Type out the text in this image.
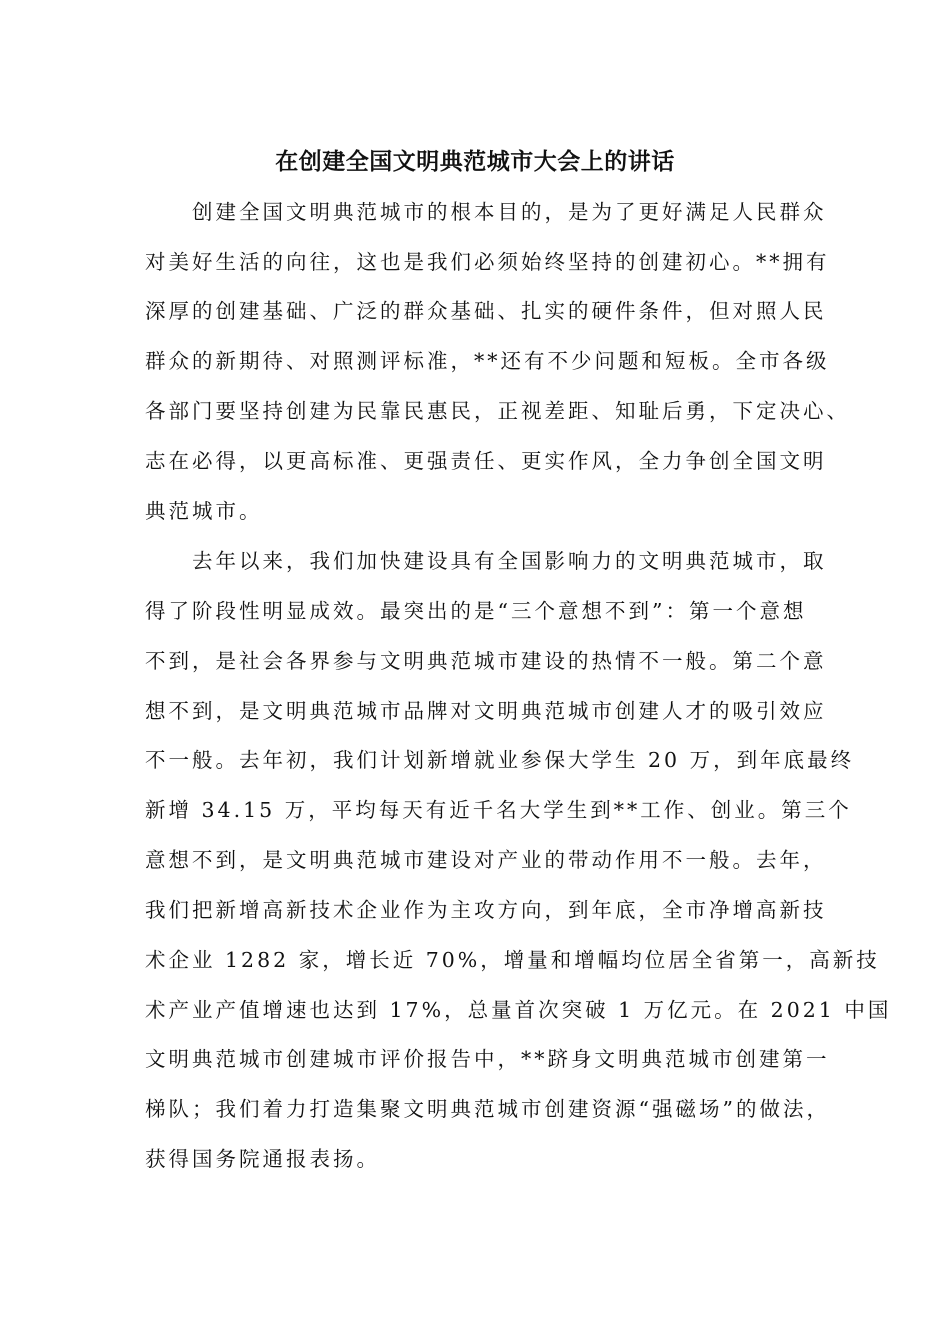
在创建全国文明典范城市大会上的讲话
　　创建全国文明典范城市的根本目的，是为了更好满足人民群众
对美好生活的向往，这也是我们必须始终坚持的创建初心。**拥有
深厚的创建基础、广泛的群众基础、扎实的硬件条件，但对照人民
群众的新期待、对照测评标准，**还有不少问题和短板。全市各级
各部门要坚持创建为民靠民惠民，正视差距、知耻后勇，下定决心、
志在必得，以更高标准、更强责任、更实作风，全力争创全国文明
典范城市。
　　去年以来，我们加快建设具有全国影响力的文明典范城市，取
得了阶段性明显成效。最突出的是“三个意想不到”：第一个意想
不到，是社会各界参与文明典范城市建设的热情不一般。第二个意
想不到，是文明典范城市品牌对文明典范城市创建人才的吸引效应
不一般。去年初，我们计划新增就业参保大学生 20 万，到年底最终
新增 34.15 万，平均每天有近千名大学生到**工作、创业。第三个
意想不到，是文明典范城市建设对产业的带动作用不一般。去年，
我们把新增高新技术企业作为主攻方向，到年底，全市净增高新技
术企业 1282 家，增长近 70%，增量和增幅均位居全省第一，高新技
术产业产值增速也达到 17%，总量首次突破 1 万亿元。在 2021 中国
文明典范城市创建城市评价报告中，**跻身文明典范城市创建第一
梯队；我们着力打造集聚文明典范城市创建资源“强磁场”的做法，
获得国务院通报表扬。
